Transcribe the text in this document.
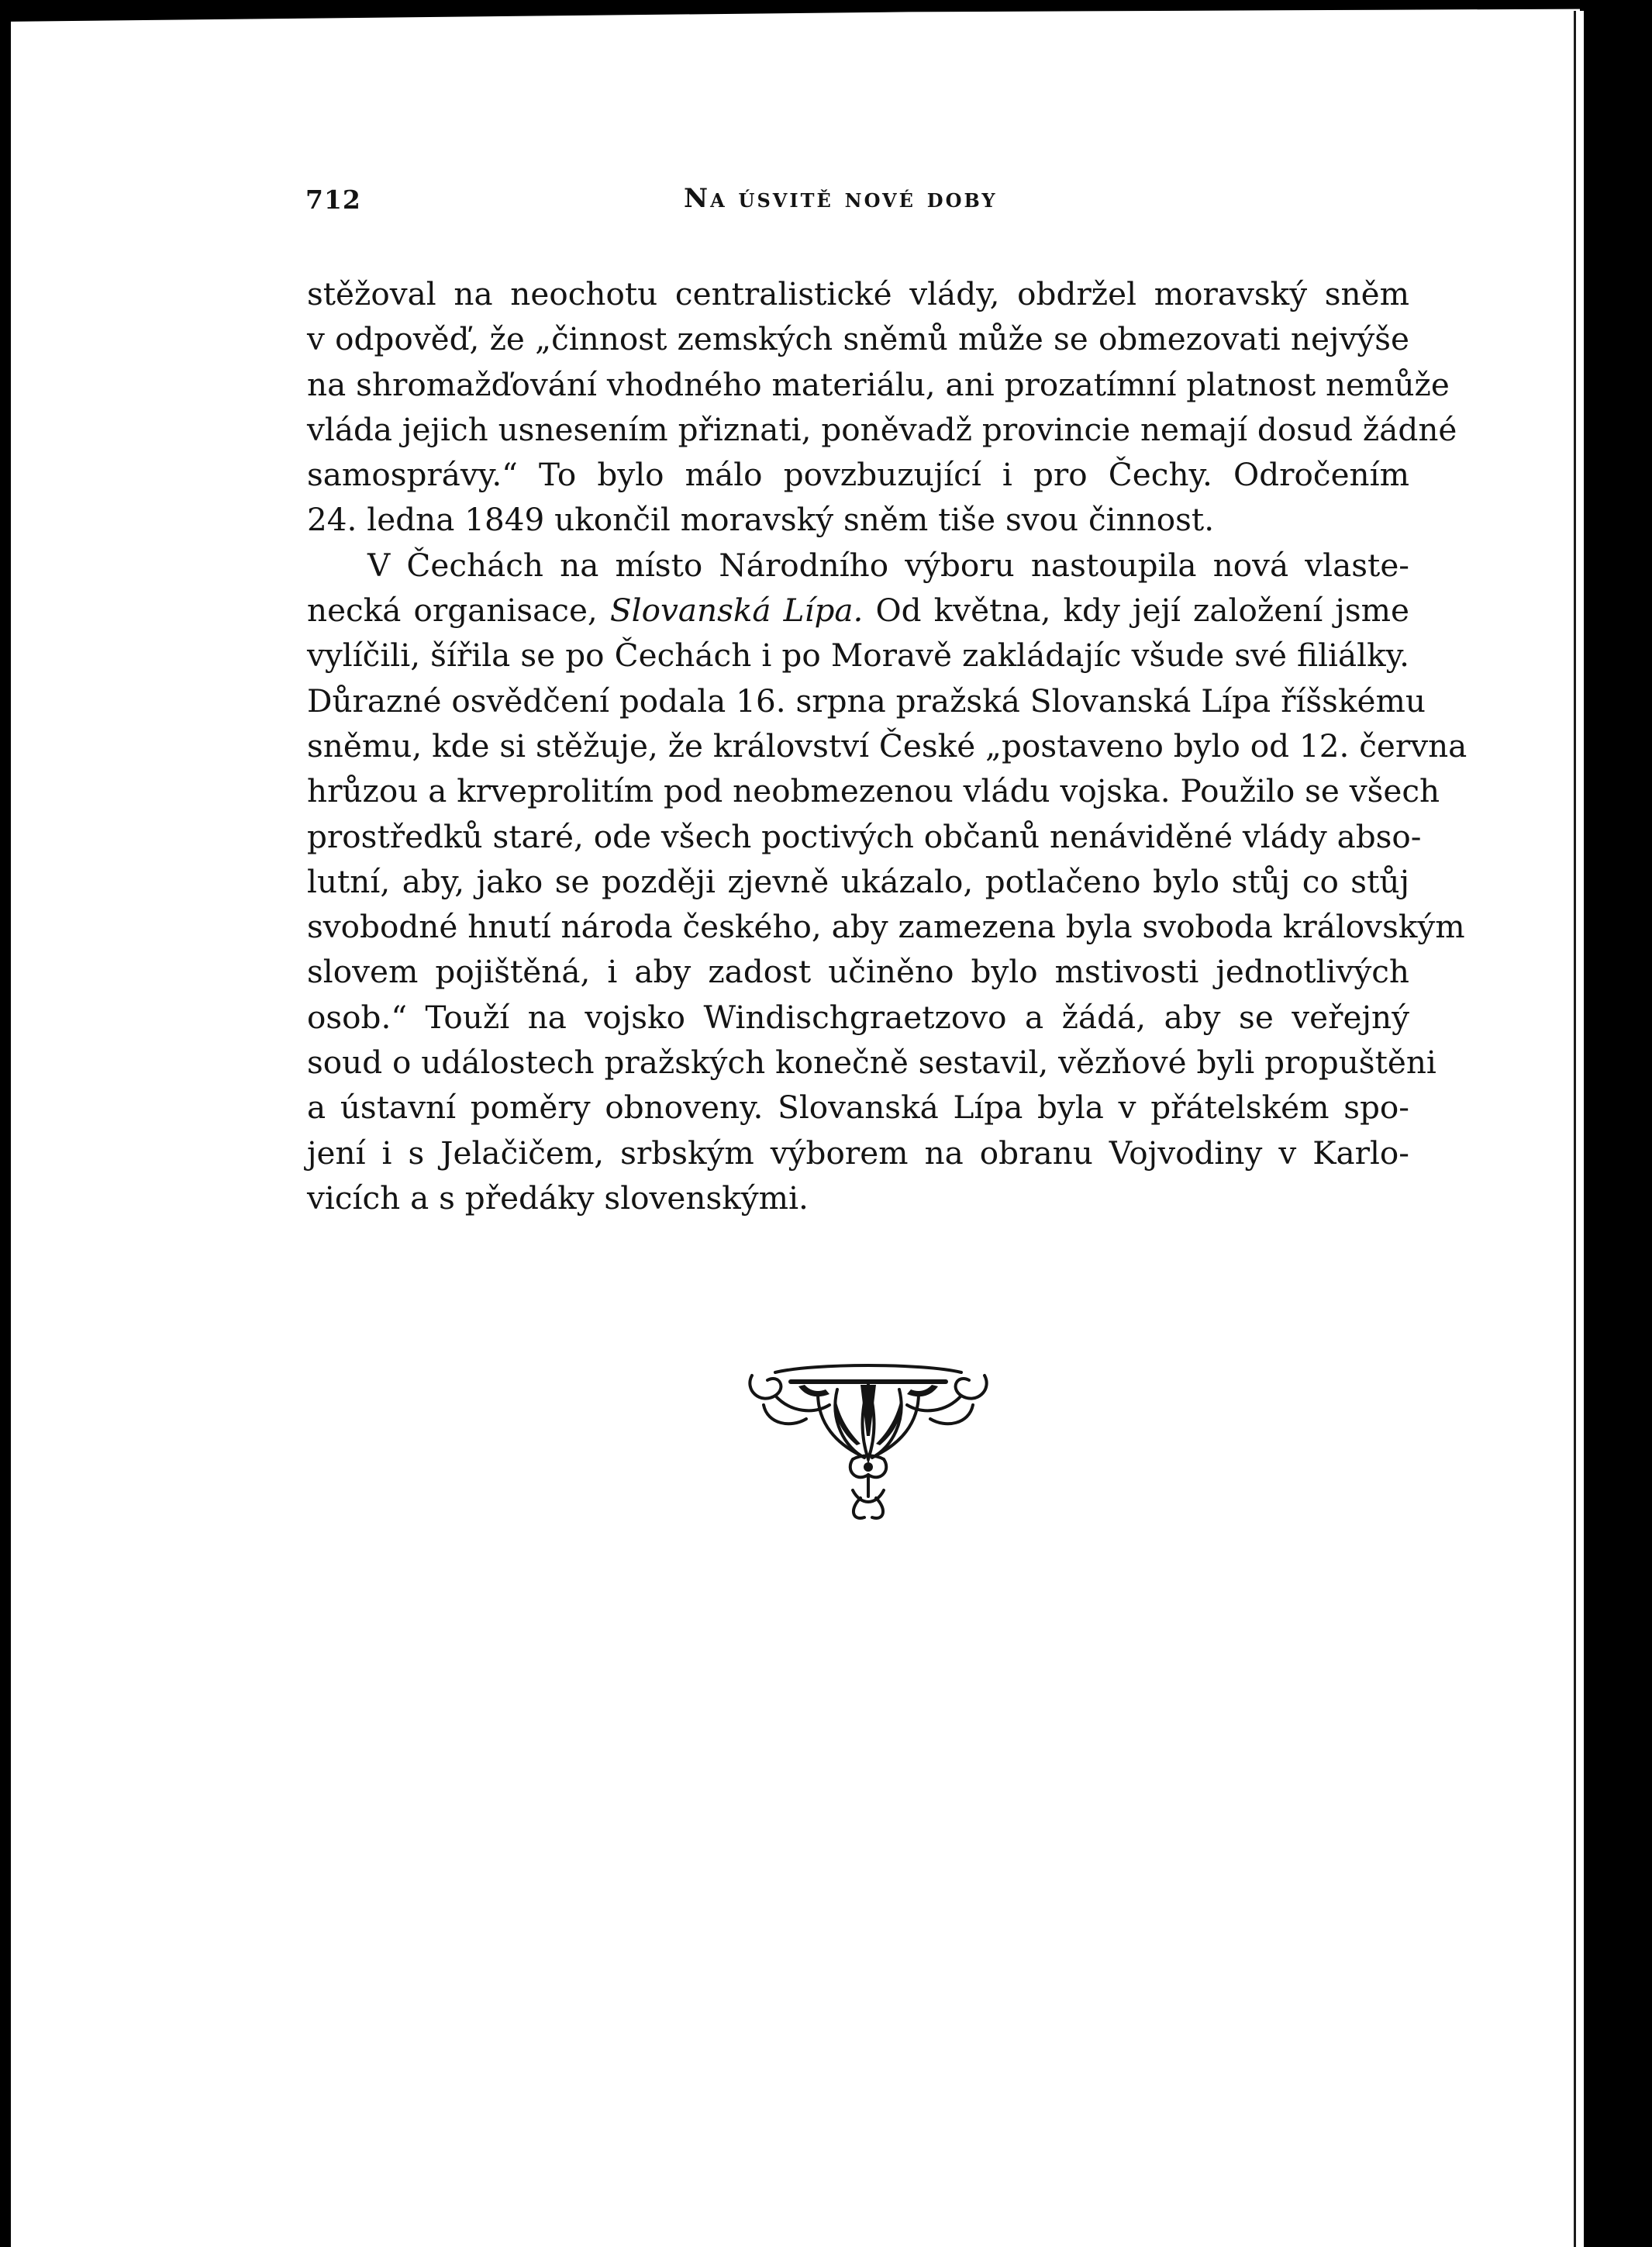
712	Na úsvitě nové doby
stěžoval na neochotu centralistické vlády, obdržel moravský sněm
v odpověď, že „činnost zemských sněmů může se obmezovati nejvýše
na shromažďování vhodného materiálu, ani prozatímní platnost nemůže
vláda jejich usnesením přiznati, poněvadž provincie nemají dosud žádné
samosprávy.“ To bylo málo povzbuzující i pro Čechy. Odročením
24. ledna 1849 ukončil moravský sněm tiše svou činnost.
V Čechách na místo Národního výboru nastoupila nová vlaste-
necká organisace, Slovanská Lípa. Od května, kdy její založení jsme
vylíčili, šířila se po Čechách i po Moravě zakládajíc všude své filiálky.
Důrazné osvědčení podala 16. srpna pražská Slovanská Lípa říšskému
sněmu, kde si stěžuje, že království České „postaveno bylo od 12. června
hrůzou a krveprolitím pod neobmezenou vládu vojska. Použilo se všech
prostředků staré, ode všech poctivých občanů nenáviděné vlády abso-
lutní, aby, jako se později zjevně ukázalo, potlačeno bylo stůj co stůj
svobodné hnutí národa českého, aby zamezena byla svoboda královským
slovem pojištěná, i aby zadost učiněno bylo mstivosti jednotlivých
osob.“ Touží na vojsko Windischgraetzovo a žádá, aby se veřejný
soud o událostech pražských konečně sestavil, vězňové byli propuštěni
a ústavní poměry obnoveny. Slovanská Lípa byla v přátelském spo-
jení i s Jelačičem, srbským výborem na obranu Vojvodiny v Karlo-
vicích a s předáky slovenskými.
